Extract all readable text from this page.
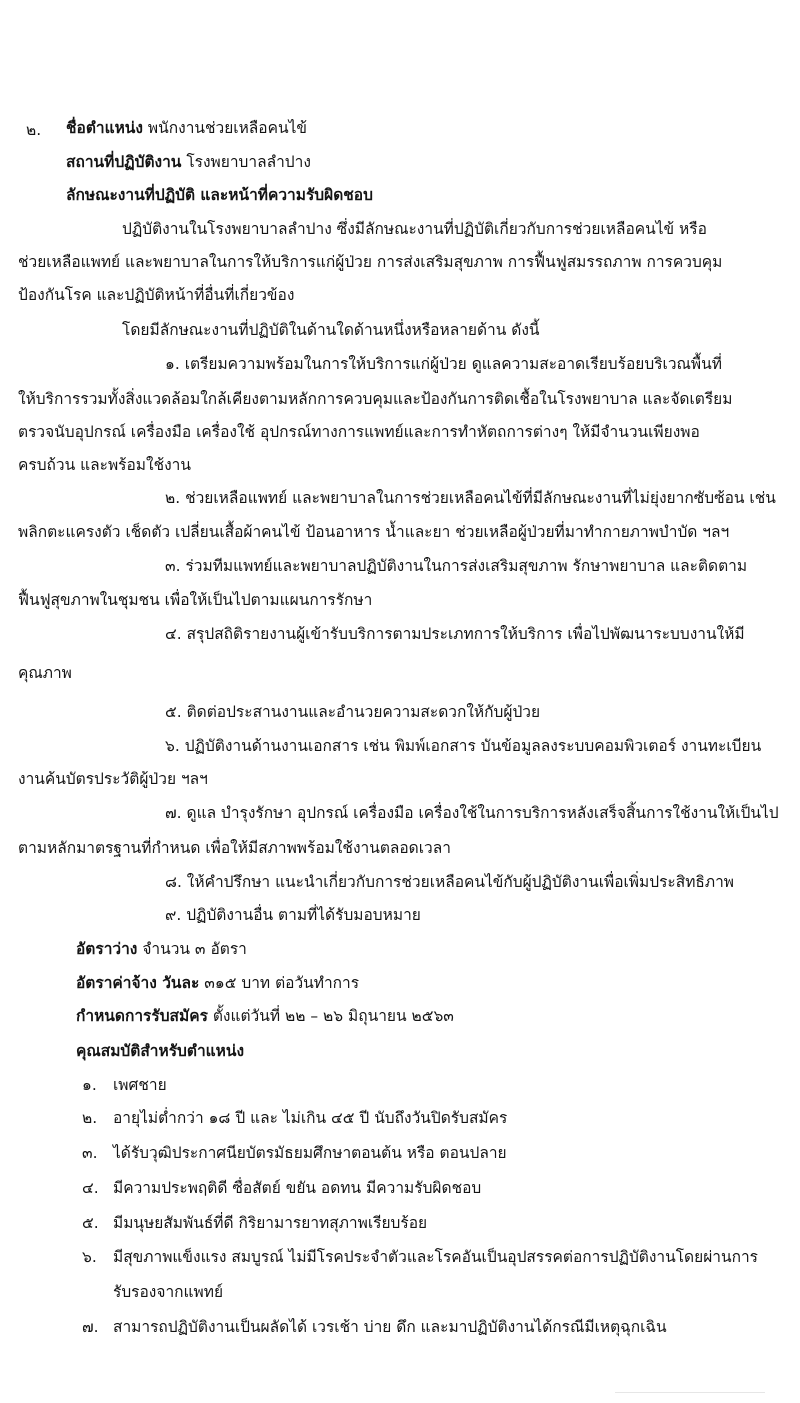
๒. ชื่อตำแหน่ง พนักงานช่วยเหลือคนไข้
สถานที่ปฏิบัติงาน โรงพยาบาลลำปาง
ลักษณะงานที่ปฏิบัติ และหน้าที่ความรับผิดชอบ
ปฏิบัติงานในโรงพยาบาลลำปาง ซึ่งมีลักษณะงานที่ปฏิบัติเกี่ยวกับการช่วยเหลือคนไข้ หรือ
ช่วยเหลือแพทย์ และพยาบาลในการให้บริการแก่ผู้ป่วย การส่งเสริมสุขภาพ การฟื้นฟูสมรรถภาพ การควบคุม
ป้องกันโรค และปฏิบัติหน้าที่อื่นที่เกี่ยวข้อง
โดยมีลักษณะงานที่ปฏิบัติในด้านใดด้านหนึ่งหรือหลายด้าน ดังนี้
๑. เตรียมความพร้อมในการให้บริการแก่ผู้ป่วย ดูแลความสะอาดเรียบร้อยบริเวณพื้นที่
ให้บริการรวมทั้งสิ่งแวดล้อมใกล้เคียงตามหลักการควบคุมและป้องกันการติดเชื้อในโรงพยาบาล และจัดเตรียม
ตรวจนับอุปกรณ์ เครื่องมือ เครื่องใช้ อุปกรณ์ทางการแพทย์และการทำหัตถการต่างๆ ให้มีจำนวนเพียงพอ
ครบถ้วน และพร้อมใช้งาน
๒. ช่วยเหลือแพทย์ และพยาบาลในการช่วยเหลือคนไข้ที่มีลักษณะงานที่ไม่ยุ่งยากซับซ้อน เช่น
พลิกตะแครงตัว เช็ดตัว เปลี่ยนเสื้อผ้าคนไข้ ป้อนอาหาร น้ำและยา ช่วยเหลือผู้ป่วยที่มาทำกายภาพบำบัด ฯลฯ
๓. ร่วมทีมแพทย์และพยาบาลปฏิบัติงานในการส่งเสริมสุขภาพ รักษาพยาบาล และติดตาม
ฟื้นฟูสุขภาพในชุมชน เพื่อให้เป็นไปตามแผนการรักษา
๔. สรุปสถิติรายงานผู้เข้ารับบริการตามประเภทการให้บริการ เพื่อไปพัฒนาระบบงานให้มี
คุณภาพ
๕. ติดต่อประสานงานและอำนวยความสะดวกให้กับผู้ป่วย
๖. ปฏิบัติงานด้านงานเอกสาร เช่น พิมพ์เอกสาร บันข้อมูลลงระบบคอมพิวเตอร์ งานทะเบียน
งานค้นบัตรประวัติผู้ป่วย ฯลฯ
๗. ดูแล บำรุงรักษา อุปกรณ์ เครื่องมือ เครื่องใช้ในการบริการหลังเสร็จสิ้นการใช้งานให้เป็นไป
ตามหลักมาตรฐานที่กำหนด เพื่อให้มีสภาพพร้อมใช้งานตลอดเวลา
๘. ให้คำปรึกษา แนะนำเกี่ยวกับการช่วยเหลือคนไข้กับผู้ปฏิบัติงานเพื่อเพิ่มประสิทธิภาพ
๙. ปฏิบัติงานอื่น ตามที่ได้รับมอบหมาย
อัตราว่าง จำนวน ๓ อัตรา
อัตราค่าจ้าง วันละ ๓๑๕ บาท ต่อวันทำการ
กำหนดการรับสมัคร ตั้งแต่วันที่ ๒๒ – ๒๖ มิถุนายน ๒๕๖๓
คุณสมบัติสำหรับตำแหน่ง
๑. เพศชาย
๒. อายุไม่ต่ำกว่า ๑๘ ปี และ ไม่เกิน ๔๕ ปี นับถึงวันปิดรับสมัคร
๓. ได้รับวุฒิประกาศนียบัตรมัธยมศึกษาตอนต้น หรือ ตอนปลาย
๔. มีความประพฤติดี ซื่อสัตย์ ขยัน อดทน มีความรับผิดชอบ
๕. มีมนุษยสัมพันธ์ที่ดี กิริยามารยาทสุภาพเรียบร้อย
๖. มีสุขภาพแข็งแรง สมบูรณ์ ไม่มีโรคประจำตัวและโรคอันเป็นอุปสรรคต่อการปฏิบัติงานโดยผ่านการ
รับรองจากแพทย์
๗. สามารถปฏิบัติงานเป็นผลัดได้ เวรเช้า บ่าย ดึก และมาปฏิบัติงานได้กรณีมีเหตุฉุกเฉิน
